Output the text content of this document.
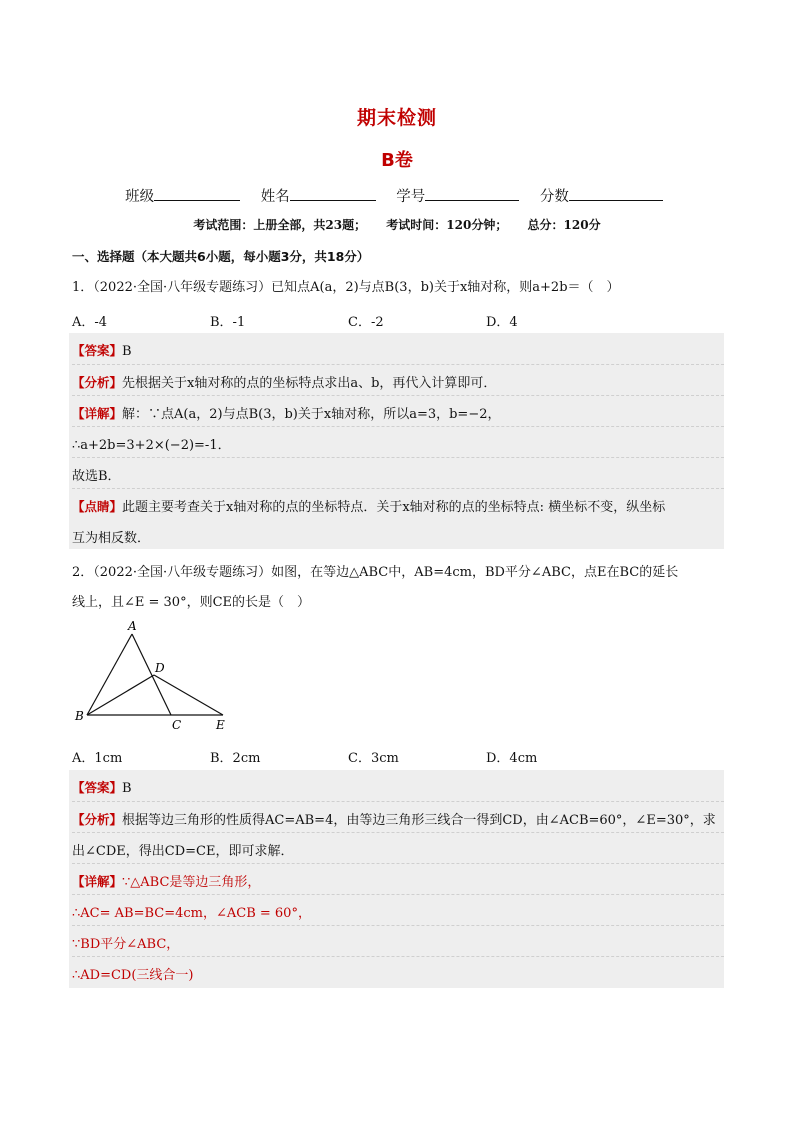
期末检测
B卷
班级	姓名	学号	分数
考试范围：上册全部，共23题； 考试时间：120分钟； 总分：120分
一、选择题（本大题共6小题，每小题3分，共18分）
1．（2022·全国·八年级专题练习）已知点A(a，2)与点B(3，b)关于x轴对称，则a+2b＝（　）
A．-4	B．-1	C．-2	D．4
【答案】B
【分析】先根据关于x轴对称的点的坐标特点求出a、b，再代入计算即可．
【详解】解：∵点A(a，2)与点B(3，b)关于x轴对称，所以a=3，b=−2，
∴a+2b=3+2×(−2)=-1．
故选B．
【点睛】此题主要考查关于x轴对称的点的坐标特点．关于x轴对称的点的坐标特点: 横坐标不变，纵坐标
互为相反数．
2．（2022·全国·八年级专题练习）如图，在等边△ABC中，AB=4cm，BD平分∠ABC，点E在BC的延长
线上，且∠E = 30°，则CE的长是（　）
A
B
C
D
E
A．1cm	B．2cm	C．3cm	D．4cm
【答案】B
【分析】根据等边三角形的性质得AC=AB=4，由等边三角形三线合一得到CD，由∠ACB=60°，∠E=30°，求
出∠CDE，得出CD=CE，即可求解．
【详解】∵△ABC是等边三角形，
∴AC= AB=BC=4cm，∠ACB = 60°，
∵BD平分∠ABC，
∴AD=CD(三线合一)
